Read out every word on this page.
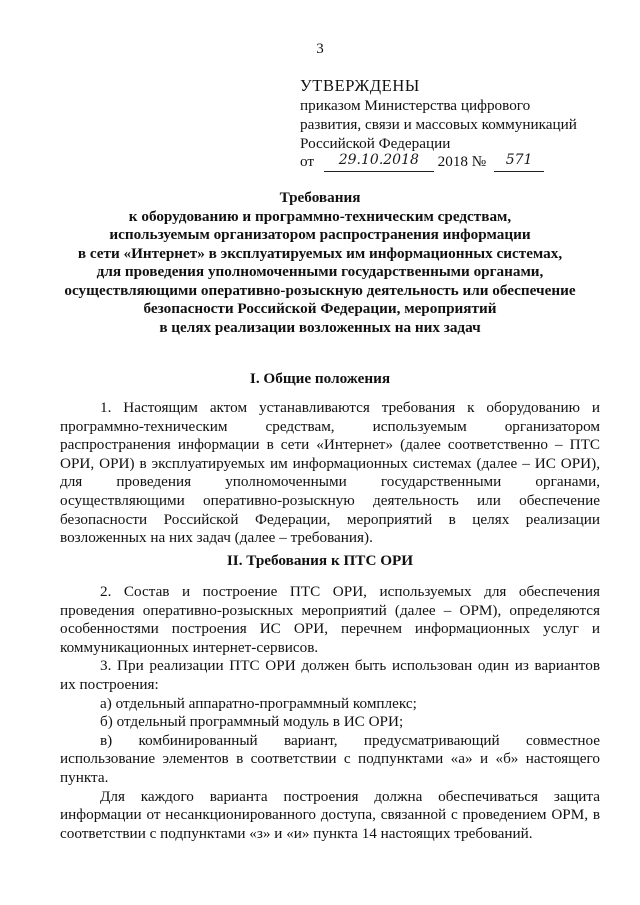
3
УТВЕРЖДЕНЫ
приказом Министерства цифрового
развития, связи и массовых коммуникаций
Российской Федерации
от 29.10.2018 2018 № 571
Требования
к оборудованию и программно-техническим средствам,
используемым организатором распространения информации
в сети «Интернет» в эксплуатируемых им информационных системах,
для проведения уполномоченными государственными органами,
осуществляющими оперативно-розыскную деятельность или обеспечение
безопасности Российской Федерации, мероприятий
в целях реализации возложенных на них задач
I. Общие положения
1. Настоящим актом устанавливаются требования к оборудованию и программно-техническим средствам, используемым организатором распространения информации в сети «Интернет» (далее соответственно – ПТС ОРИ, ОРИ) в эксплуатируемых им информационных системах (далее – ИС ОРИ), для проведения уполномоченными государственными органами, осуществляющими оперативно-розыскную деятельность или обеспечение безопасности Российской Федерации, мероприятий в целях реализации возложенных на них задач (далее – требования).
II. Требования к ПТС ОРИ
2. Состав и построение ПТС ОРИ, используемых для обеспечения проведения оперативно-розыскных мероприятий (далее – ОРМ), определяются особенностями построения ИС ОРИ, перечнем информационных услуг и коммуникационных интернет-сервисов.
3. При реализации ПТС ОРИ должен быть использован один из вариантов их построения:
а) отдельный аппаратно-программный комплекс;
б) отдельный программный модуль в ИС ОРИ;
в) комбинированный вариант, предусматривающий совместное использование элементов в соответствии с подпунктами «а» и «б» настоящего пункта.
Для каждого варианта построения должна обеспечиваться защита информации от несанкционированного доступа, связанной с проведением ОРМ, в соответствии с подпунктами «з» и «и» пункта 14 настоящих требований.
